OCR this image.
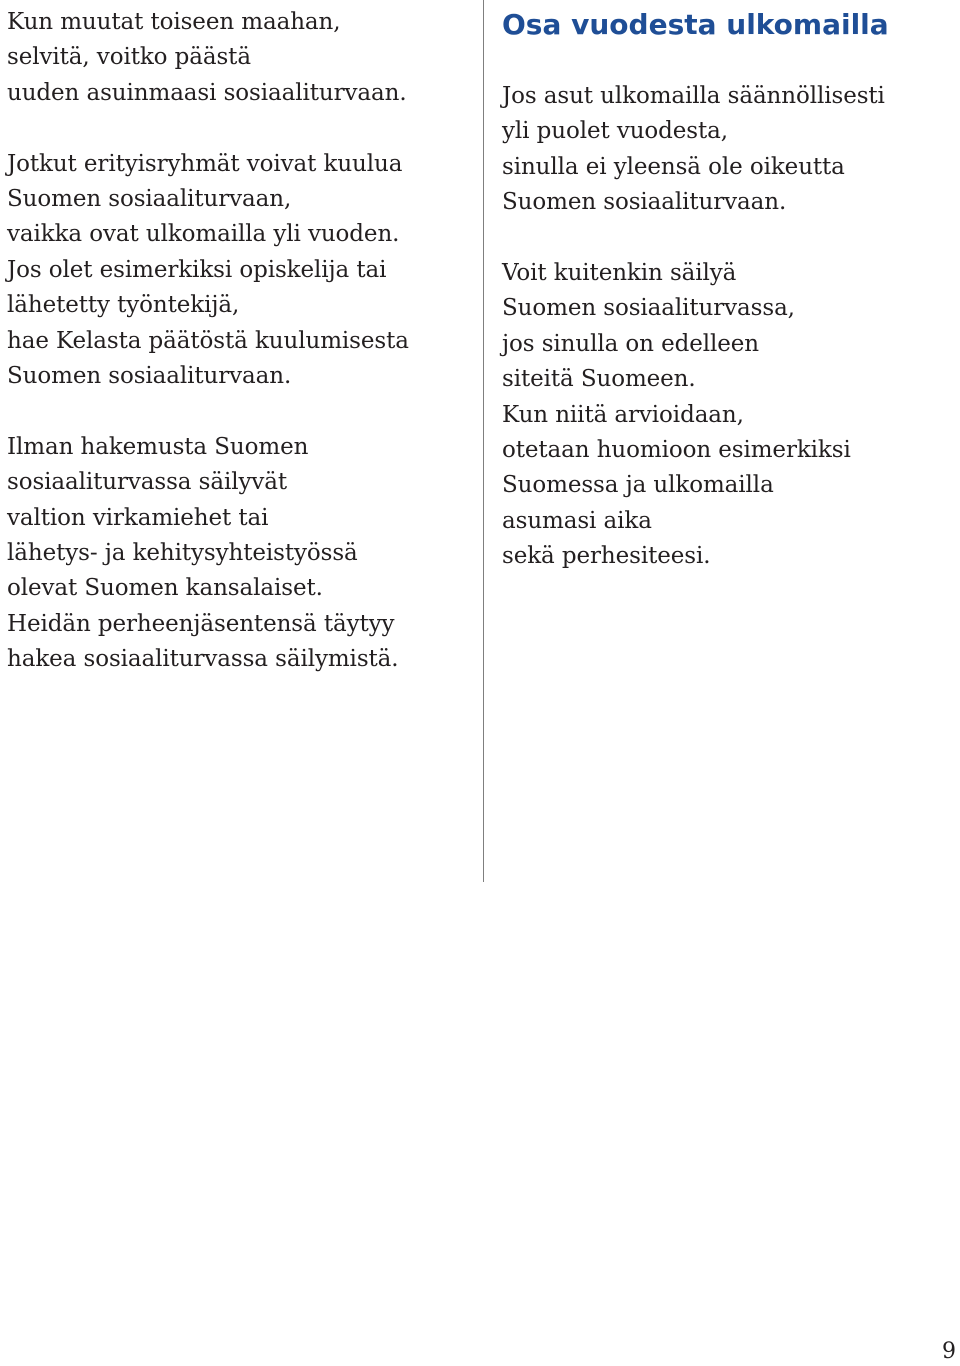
Kun muutat toiseen maahan,
selvitä, voitko päästä
uuden asuinmaasi sosiaaliturvaan.
Jotkut erityisryhmät voivat kuulua
Suomen sosiaaliturvaan,
vaikka ovat ulkomailla yli vuoden.
Jos olet esimerkiksi opiskelija tai
lähetetty työntekijä,
hae Kelasta päätöstä kuulumisesta
Suomen sosiaaliturvaan.
Ilman hakemusta Suomen
sosiaaliturvassa säilyvät
valtion virkamiehet tai
lähetys- ja kehitysyhteistyössä
olevat Suomen kansalaiset.
Heidän perheenjäsentensä täytyy
hakea sosiaaliturvassa säilymistä.
Osa vuodesta ulkomailla
Jos asut ulkomailla säännöllisesti
yli puolet vuodesta,
sinulla ei yleensä ole oikeutta
Suomen sosiaaliturvaan.
Voit kuitenkin säilyä
Suomen sosiaaliturvassa,
jos sinulla on edelleen
siteitä Suomeen.
Kun niitä arvioidaan,
otetaan huomioon esimerkiksi
Suomessa ja ulkomailla
asumasi aika
sekä perhesiteesi.
9
